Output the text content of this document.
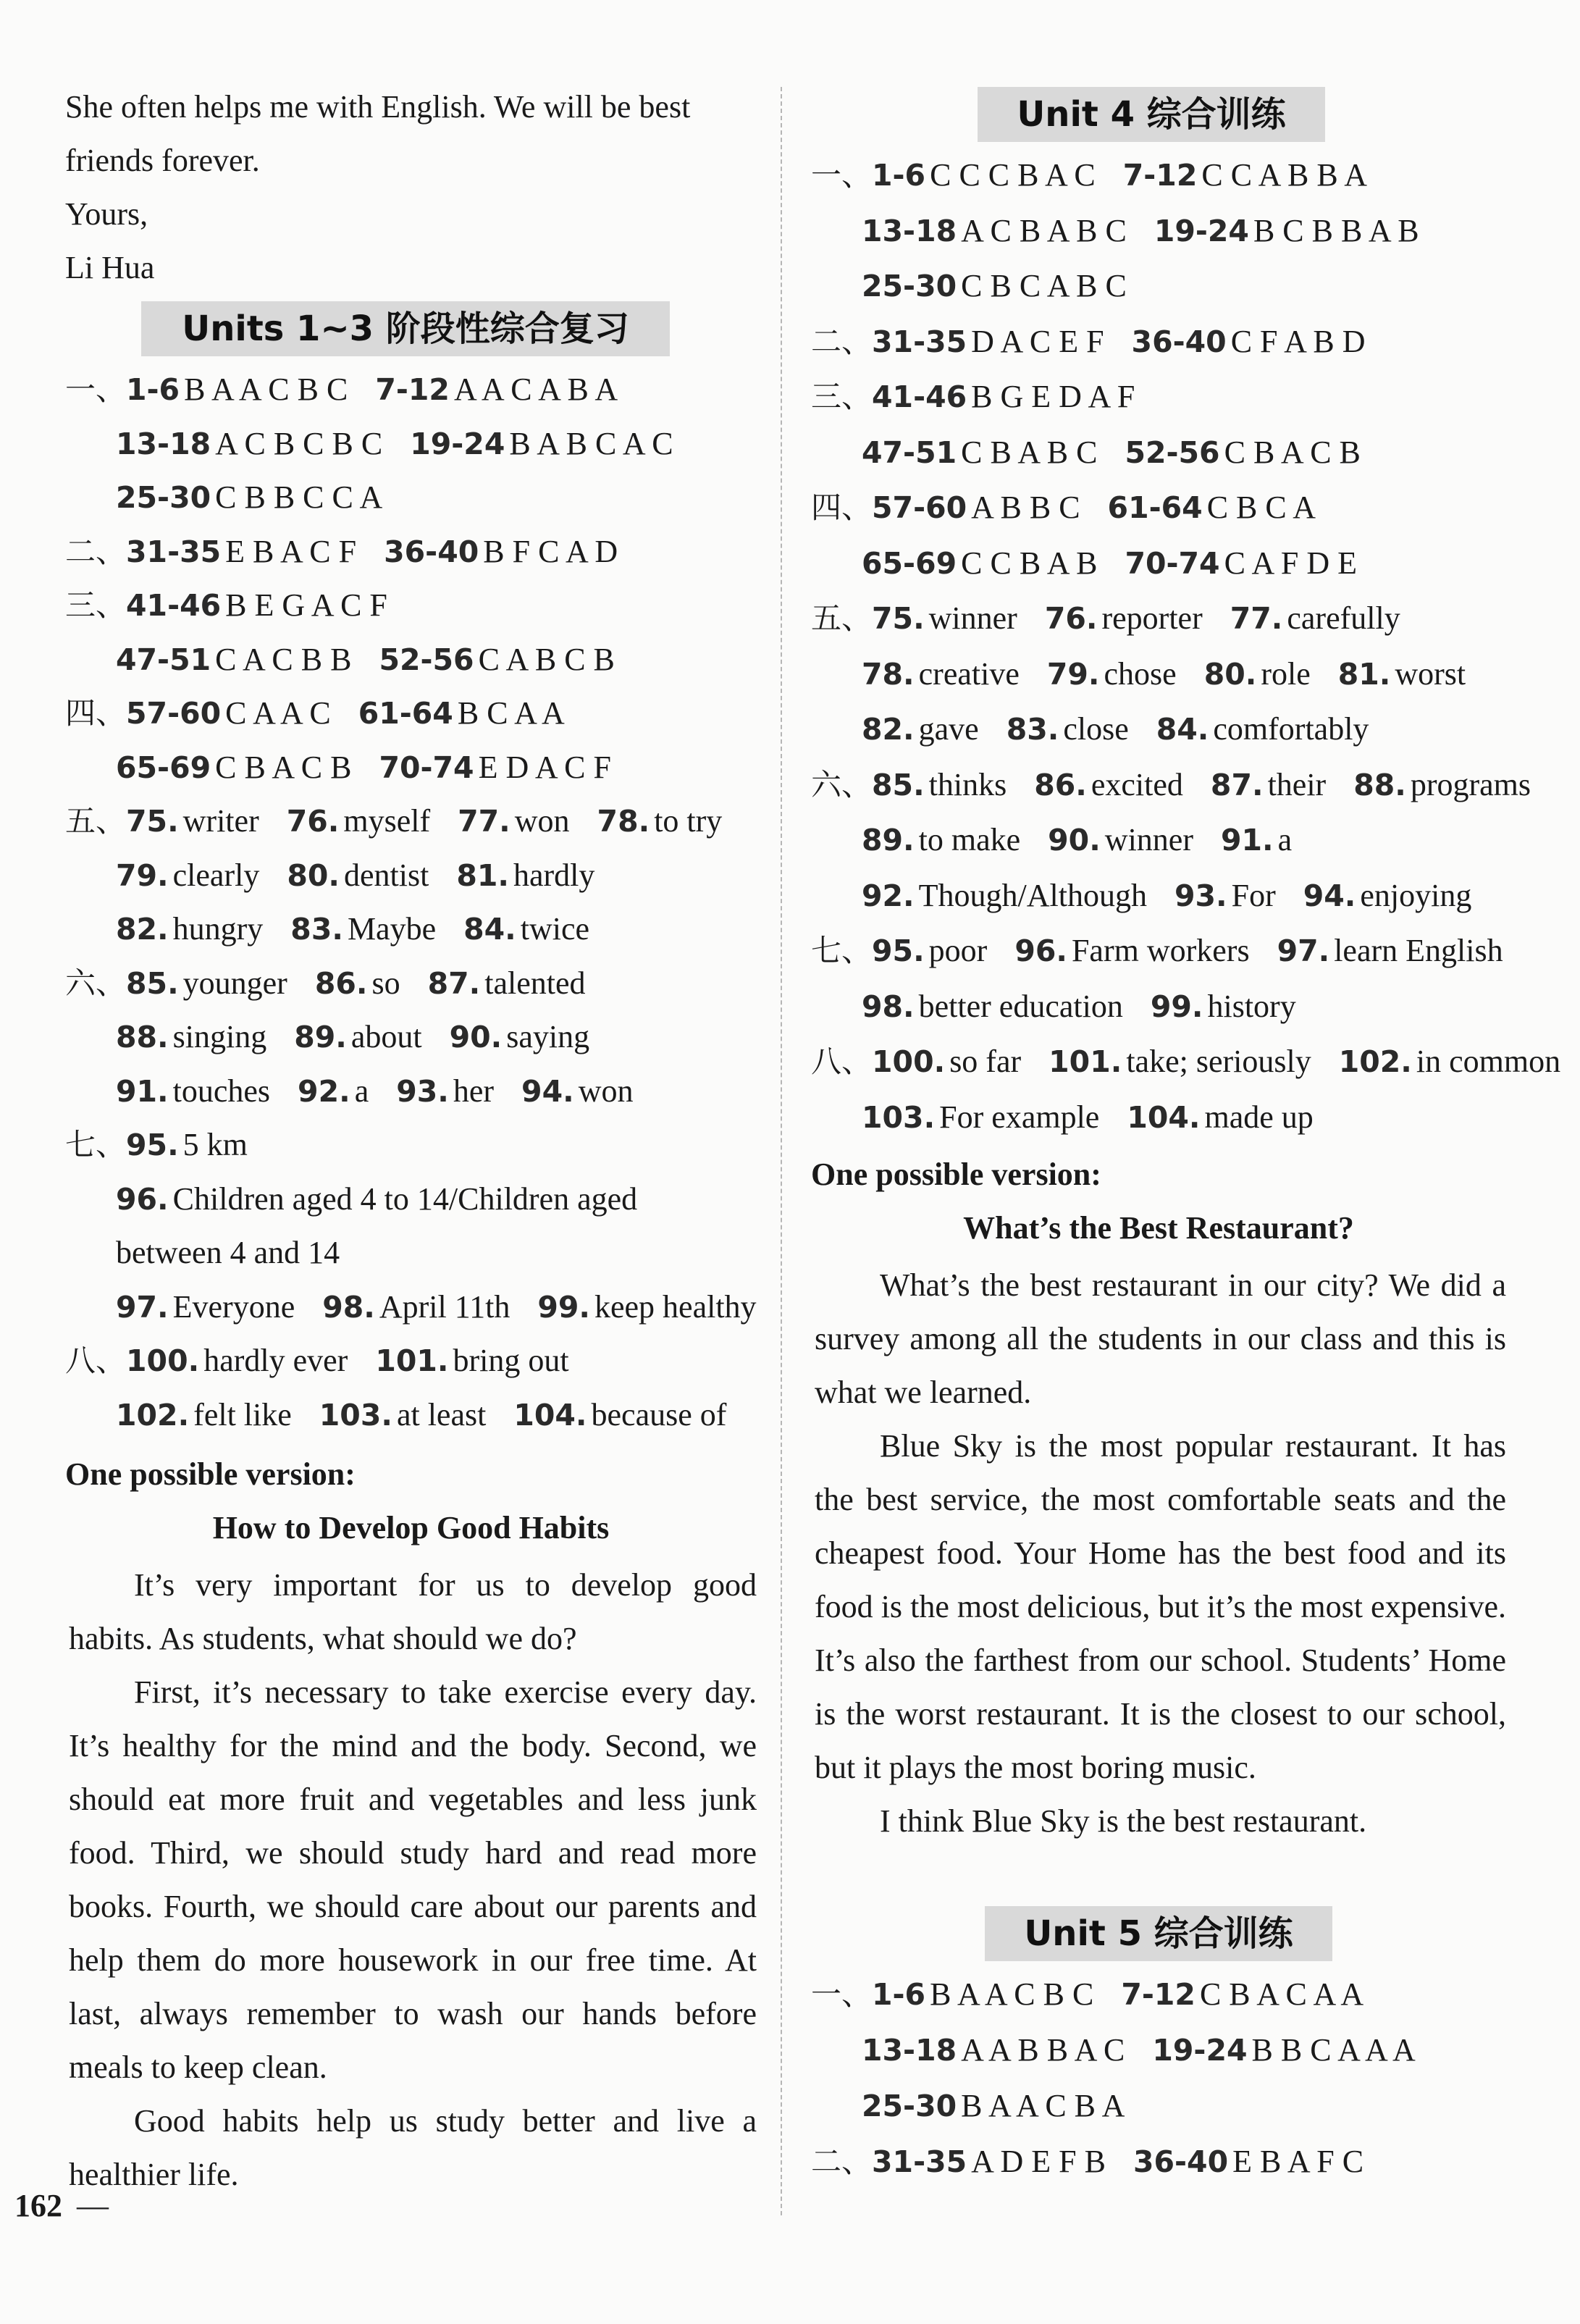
She often helps me with English. We will be best
friends forever.
Yours,
Li Hua
Units 1~3 阶段性综合复习
一、1-6 B A A C B C 7-12 A A C A B A
13-18 A C B C B C 19-24 B A B C A C
25-30 C B B C C A
二、31-35 E B A C F 36-40 B F C A D
三、41-46 B E G A C F
47-51 C A C B B 52-56 C A B C B
四、57-60 C A A C 61-64 B C A A
65-69 C B A C B 70-74 E D A C F
五、75. writer 76. myself 77. won 78. to try
79. clearly 80. dentist 81. hardly
82. hungry 83. Maybe 84. twice
六、85. younger 86. so 87. talented
88. singing 89. about 90. saying
91. touches 92. a 93. her 94. won
七、95. 5 km
96. Children aged 4 to 14/Children aged
between 4 and 14
97. Everyone 98. April 11th 99. keep healthy
八、100. hardly ever 101. bring out
102. felt like 103. at least 104. because of
One possible version:
How to Develop Good Habits

It’s very important for us to develop good habits. As students, what should we do?

First, it’s necessary to take exercise every day. It’s healthy for the mind and the body. Second, we should eat more fruit and vegetables and less junk food. Third, we should study hard and read more books. Fourth, we should care about our parents and help them do more housework in our free time. At last, always remember to wash our hands before meals to keep clean.

Good habits help us study better and live a healthier life.

Unit 4 综合训练
一、1-6 C C C B A C 7-12 C C A B B A
13-18 A C B A B C 19-24 B C B B A B
25-30 C B C A B C
二、31-35 D A C E F 36-40 C F A B D
三、41-46 B G E D A F
47-51 C B A B C 52-56 C B A C B
四、57-60 A B B C 61-64 C B C A
65-69 C C B A B 70-74 C A F D E
五、75. winner 76. reporter 77. carefully
78. creative 79. chose 80. role 81. worst
82. gave 83. close 84. comfortably
六、85. thinks 86. excited 87. their 88. programs
89. to make 90. winner 91. a
92. Though/Although 93. For 94. enjoying
七、95. poor 96. Farm workers 97. learn English
98. better education 99. history
八、100. so far 101. take; seriously 102. in common
103. For example 104. made up
One possible version:
What’s the Best Restaurant?

What’s the best restaurant in our city? We did a survey among all the students in our class and this is what we learned.

Blue Sky is the most popular restaurant. It has the best service, the most comfortable seats and the cheapest food. Your Home has the best food and its food is the most delicious, but it’s the most expensive. It’s also the farthest from our school. Students’ Home is the worst restaurant. It is the closest to our school, but it plays the most boring music.

I think Blue Sky is the best restaurant.

Unit 5 综合训练
一、1-6 B A A C B C 7-12 C B A C A A
13-18 A A B B A C 19-24 B B C A A A
25-30 B A A C B A
二、31-35 A D E F B 36-40 E B A F C
162 —
